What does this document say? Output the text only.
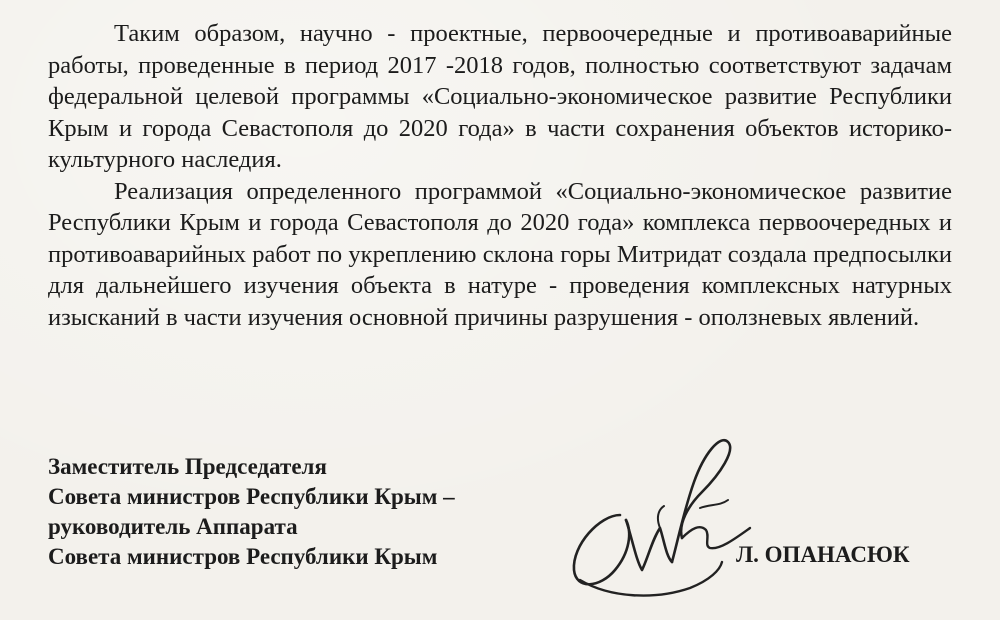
Таким образом, научно - проектные, первоочередные и противоаварийные работы, проведенные в период 2017 -2018 годов, полностью соответствуют задачам федеральной целевой программы «Социально-экономическое развитие Республики Крым и города Севастополя до 2020 года» в части сохранения объектов историко-культурного наследия.

Реализация определенного программой «Социально-экономическое развитие Республики Крым и города Севастополя до 2020 года» комплекса первоочередных и противоаварийных работ по укреплению склона горы Митридат создала предпосылки для дальнейшего изучения объекта в натуре - проведения комплексных натурных изысканий в части изучения основной причины разрушения - оползневых явлений.

Заместитель Председателя
Совета министров Республики Крым –
руководитель Аппарата
Совета министров Республики Крым	Л. ОПАНАСЮК
